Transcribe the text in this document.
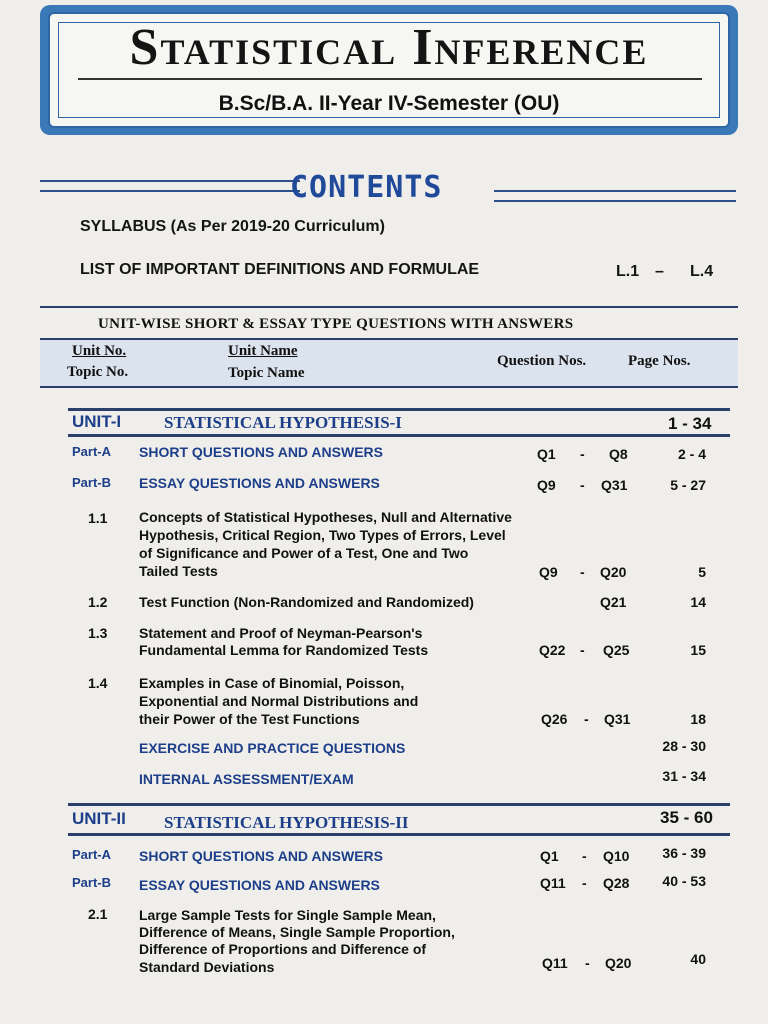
Statistical Inference
B.Sc/B.A. II-Year IV-Semester (OU)
CONTENTS
SYLLABUS (As Per 2019-20 Curriculum)
LIST OF IMPORTANT DEFINITIONS AND FORMULAE	L.1 – L.4
UNIT-WISE SHORT & ESSAY TYPE QUESTIONS WITH ANSWERS
Unit No.
Topic No.
Unit Name
Topic Name
Question Nos.	Page Nos.
UNIT-I	STATISTICAL HYPOTHESIS-I	1 - 34
Part-A SHORT QUESTIONS AND ANSWERS	Q1 - Q8	2 - 4
Part-B ESSAY QUESTIONS AND ANSWERS	Q9 - Q31	5 - 27
1.1 Concepts of Statistical Hypotheses, Null and Alternative
Hypothesis, Critical Region, Two Types of Errors, Level
of Significance and Power of a Test, One and Two
Tailed Tests	Q9 - Q20	5
1.2 Test Function (Non-Randomized and Randomized)	Q21	14
1.3 Statement and Proof of Neyman-Pearson's
Fundamental Lemma for Randomized Tests	Q22 - Q25	15
1.4 Examples in Case of Binomial, Poisson,
Exponential and Normal Distributions and
their Power of the Test Functions	Q26 - Q31	18
EXERCISE AND PRACTICE QUESTIONS	28 - 30
INTERNAL ASSESSMENT/EXAM	31 - 34
UNIT-II STATISTICAL HYPOTHESIS-II	35 - 60
Part-A SHORT QUESTIONS AND ANSWERS	Q1 - Q10	36 - 39
Part-B ESSAY QUESTIONS AND ANSWERS	Q11 - Q28	40 - 53
2.1 Large Sample Tests for Single Sample Mean,
Difference of Means, Single Sample Proportion,
Difference of Proportions and Difference of
Standard Deviations	Q11 - Q20	40
